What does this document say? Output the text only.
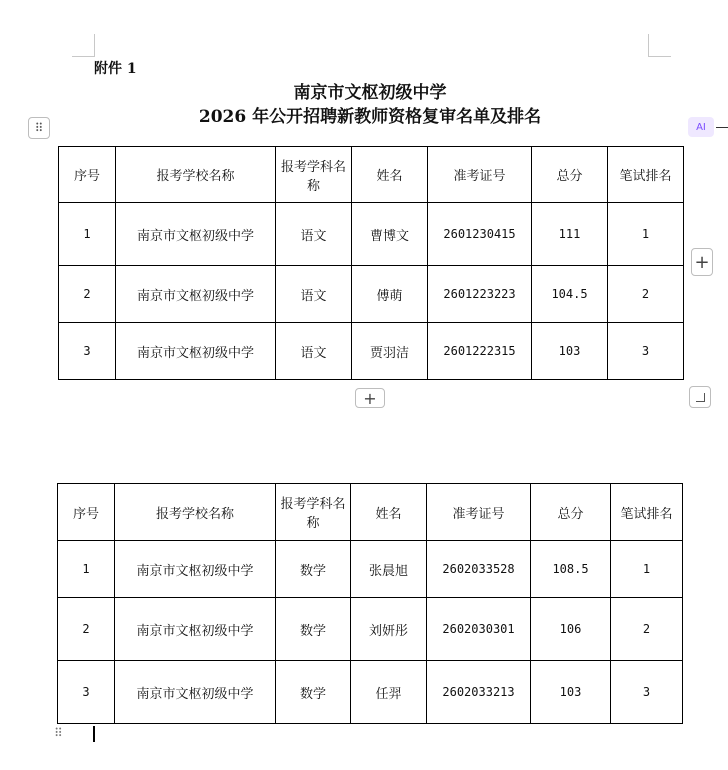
附件 1
南京市文枢初级中学
2026 年公开招聘新教师资格复审名单及排名
⠿	AI
序号	报考学校名称	报考学科名称	姓名	准考证号	总分	笔试排名
1	南京市文枢初级中学	语文	曹博文	2601230415	111	1
2	南京市文枢初级中学	语文	傅萌	2601223223	104.5	2
3	南京市文枢初级中学	语文	贾羽洁	2601222315	103	3
+
+
序号	报考学校名称	报考学科名称	姓名	准考证号	总分	笔试排名
1	南京市文枢初级中学	数学	张晨旭	2602033528	108.5	1
2	南京市文枢初级中学	数学	刘妍彤	2602030301	106	2
3	南京市文枢初级中学	数学	任羿	2602033213	103	3
⠿
